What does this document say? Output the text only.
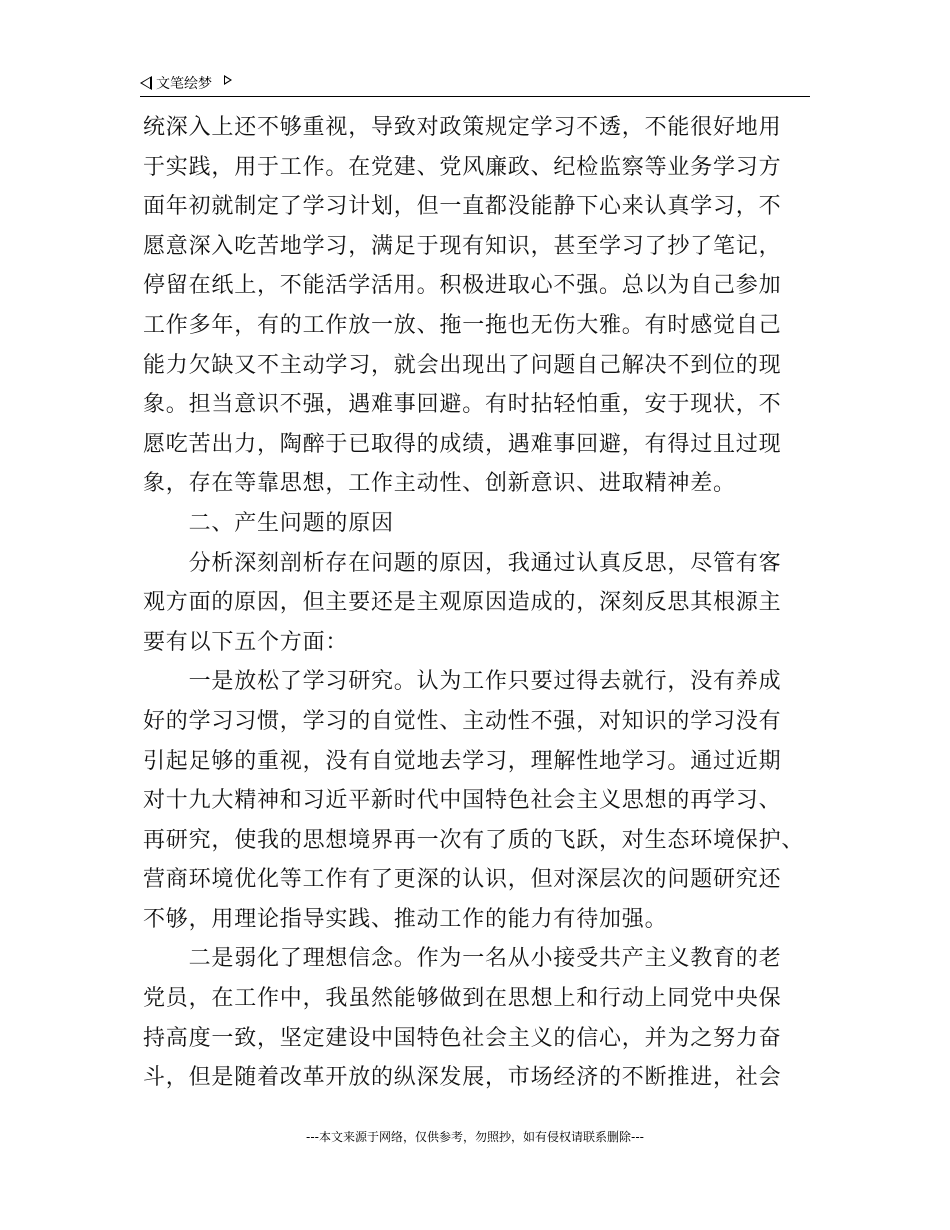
文笔绘梦
统深入上还不够重视，导致对政策规定学习不透，不能很好地用
于实践，用于工作。在党建、党风廉政、纪检监察等业务学习方
面年初就制定了学习计划，但一直都没能静下心来认真学习，不
愿意深入吃苦地学习，满足于现有知识，甚至学习了抄了笔记，
停留在纸上，不能活学活用。积极进取心不强。总以为自己参加
工作多年，有的工作放一放、拖一拖也无伤大雅。有时感觉自己
能力欠缺又不主动学习，就会出现出了问题自己解决不到位的现
象。担当意识不强，遇难事回避。有时拈轻怕重，安于现状，不
愿吃苦出力，陶醉于已取得的成绩，遇难事回避，有得过且过现
象，存在等靠思想，工作主动性、创新意识、进取精神差。
　　二、产生问题的原因
　　分析深刻剖析存在问题的原因，我通过认真反思，尽管有客
观方面的原因，但主要还是主观原因造成的，深刻反思其根源主
要有以下五个方面：
　　一是放松了学习研究。认为工作只要过得去就行，没有养成
好的学习习惯，学习的自觉性、主动性不强，对知识的学习没有
引起足够的重视，没有自觉地去学习，理解性地学习。通过近期
对十九大精神和习近平新时代中国特色社会主义思想的再学习、
再研究，使我的思想境界再一次有了质的飞跃，对生态环境保护、
营商环境优化等工作有了更深的认识，但对深层次的问题研究还
不够，用理论指导实践、推动工作的能力有待加强。
　　二是弱化了理想信念。作为一名从小接受共产主义教育的老
党员，在工作中，我虽然能够做到在思想上和行动上同党中央保
持高度一致，坚定建设中国特色社会主义的信心，并为之努力奋
斗，但是随着改革开放的纵深发展，市场经济的不断推进，社会
---本文来源于网络，仅供参考，勿照抄，如有侵权请联系删除---
